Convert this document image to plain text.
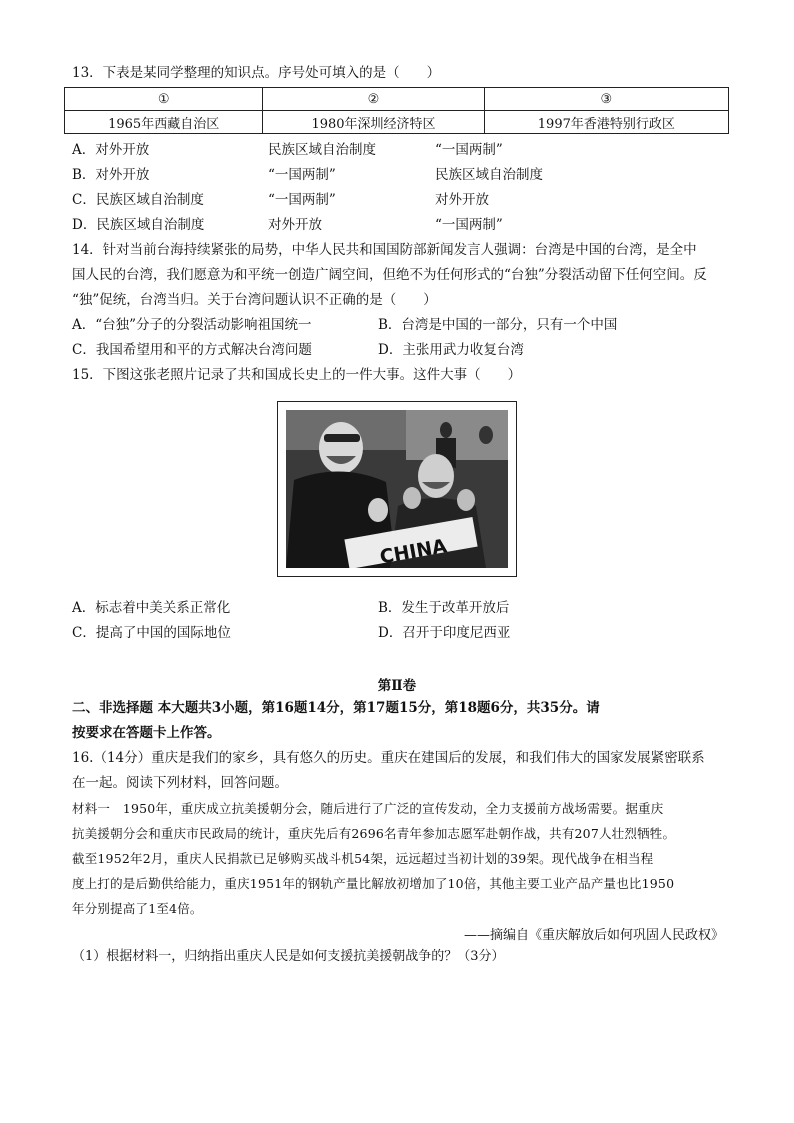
13．下表是某同学整理的知识点。序号处可填入的是（　　）
①	②	③
1965年西藏自治区	1980年深圳经济特区	1997年香港特别行政区
A．对外开放	民族区域自治制度	“一国两制”
B．对外开放	“一国两制”	民族区域自治制度
C．民族区域自治制度	“一国两制”	对外开放
D．民族区域自治制度	对外开放	“一国两制”
14．针对当前台海持续紧张的局势，中华人民共和国国防部新闻发言人强调：台湾是中国的台湾，是全中
国人民的台湾，我们愿意为和平统一创造广阔空间，但绝不为任何形式的“台独”分裂活动留下任何空间。反
“独”促统，台湾当归。关于台湾问题认识不正确的是（　　）
A．“台独”分子的分裂活动影响祖国统一	B．台湾是中国的一部分，只有一个中国
C．我国希望用和平的方式解决台湾问题	D．主张用武力收复台湾
15．下图这张老照片记录了共和国成长史上的一件大事。这件大事（　　）
CHINA
A．标志着中美关系正常化	B．发生于改革开放后
C．提高了中国的国际地位	D．召开于印度尼西亚
第Ⅱ卷
二、非选择题 本大题共3小题，第16题14分，第17题15分，第18题6分，共35分。请
按要求在答题卡上作答。
16.（14分）重庆是我们的家乡，具有悠久的历史。重庆在建国后的发展，和我们伟大的国家发展紧密联系
在一起。阅读下列材料，回答问题。
材料一　1950年，重庆成立抗美援朝分会，随后进行了广泛的宣传发动，全力支援前方战场需要。据重庆
抗美援朝分会和重庆市民政局的统计，重庆先后有2696名青年参加志愿军赴朝作战，共有207人壮烈牺牲。
截至1952年2月，重庆人民捐款已足够购买战斗机54架，远远超过当初计划的39架。现代战争在相当程
度上打的是后勤供给能力，重庆1951年的钢轨产量比解放初增加了10倍，其他主要工业产品产量也比1950
年分别提高了1至4倍。
——摘编自《重庆解放后如何巩固人民政权》
（1）根据材料一，归纳指出重庆人民是如何支援抗美援朝战争的？（3分）
